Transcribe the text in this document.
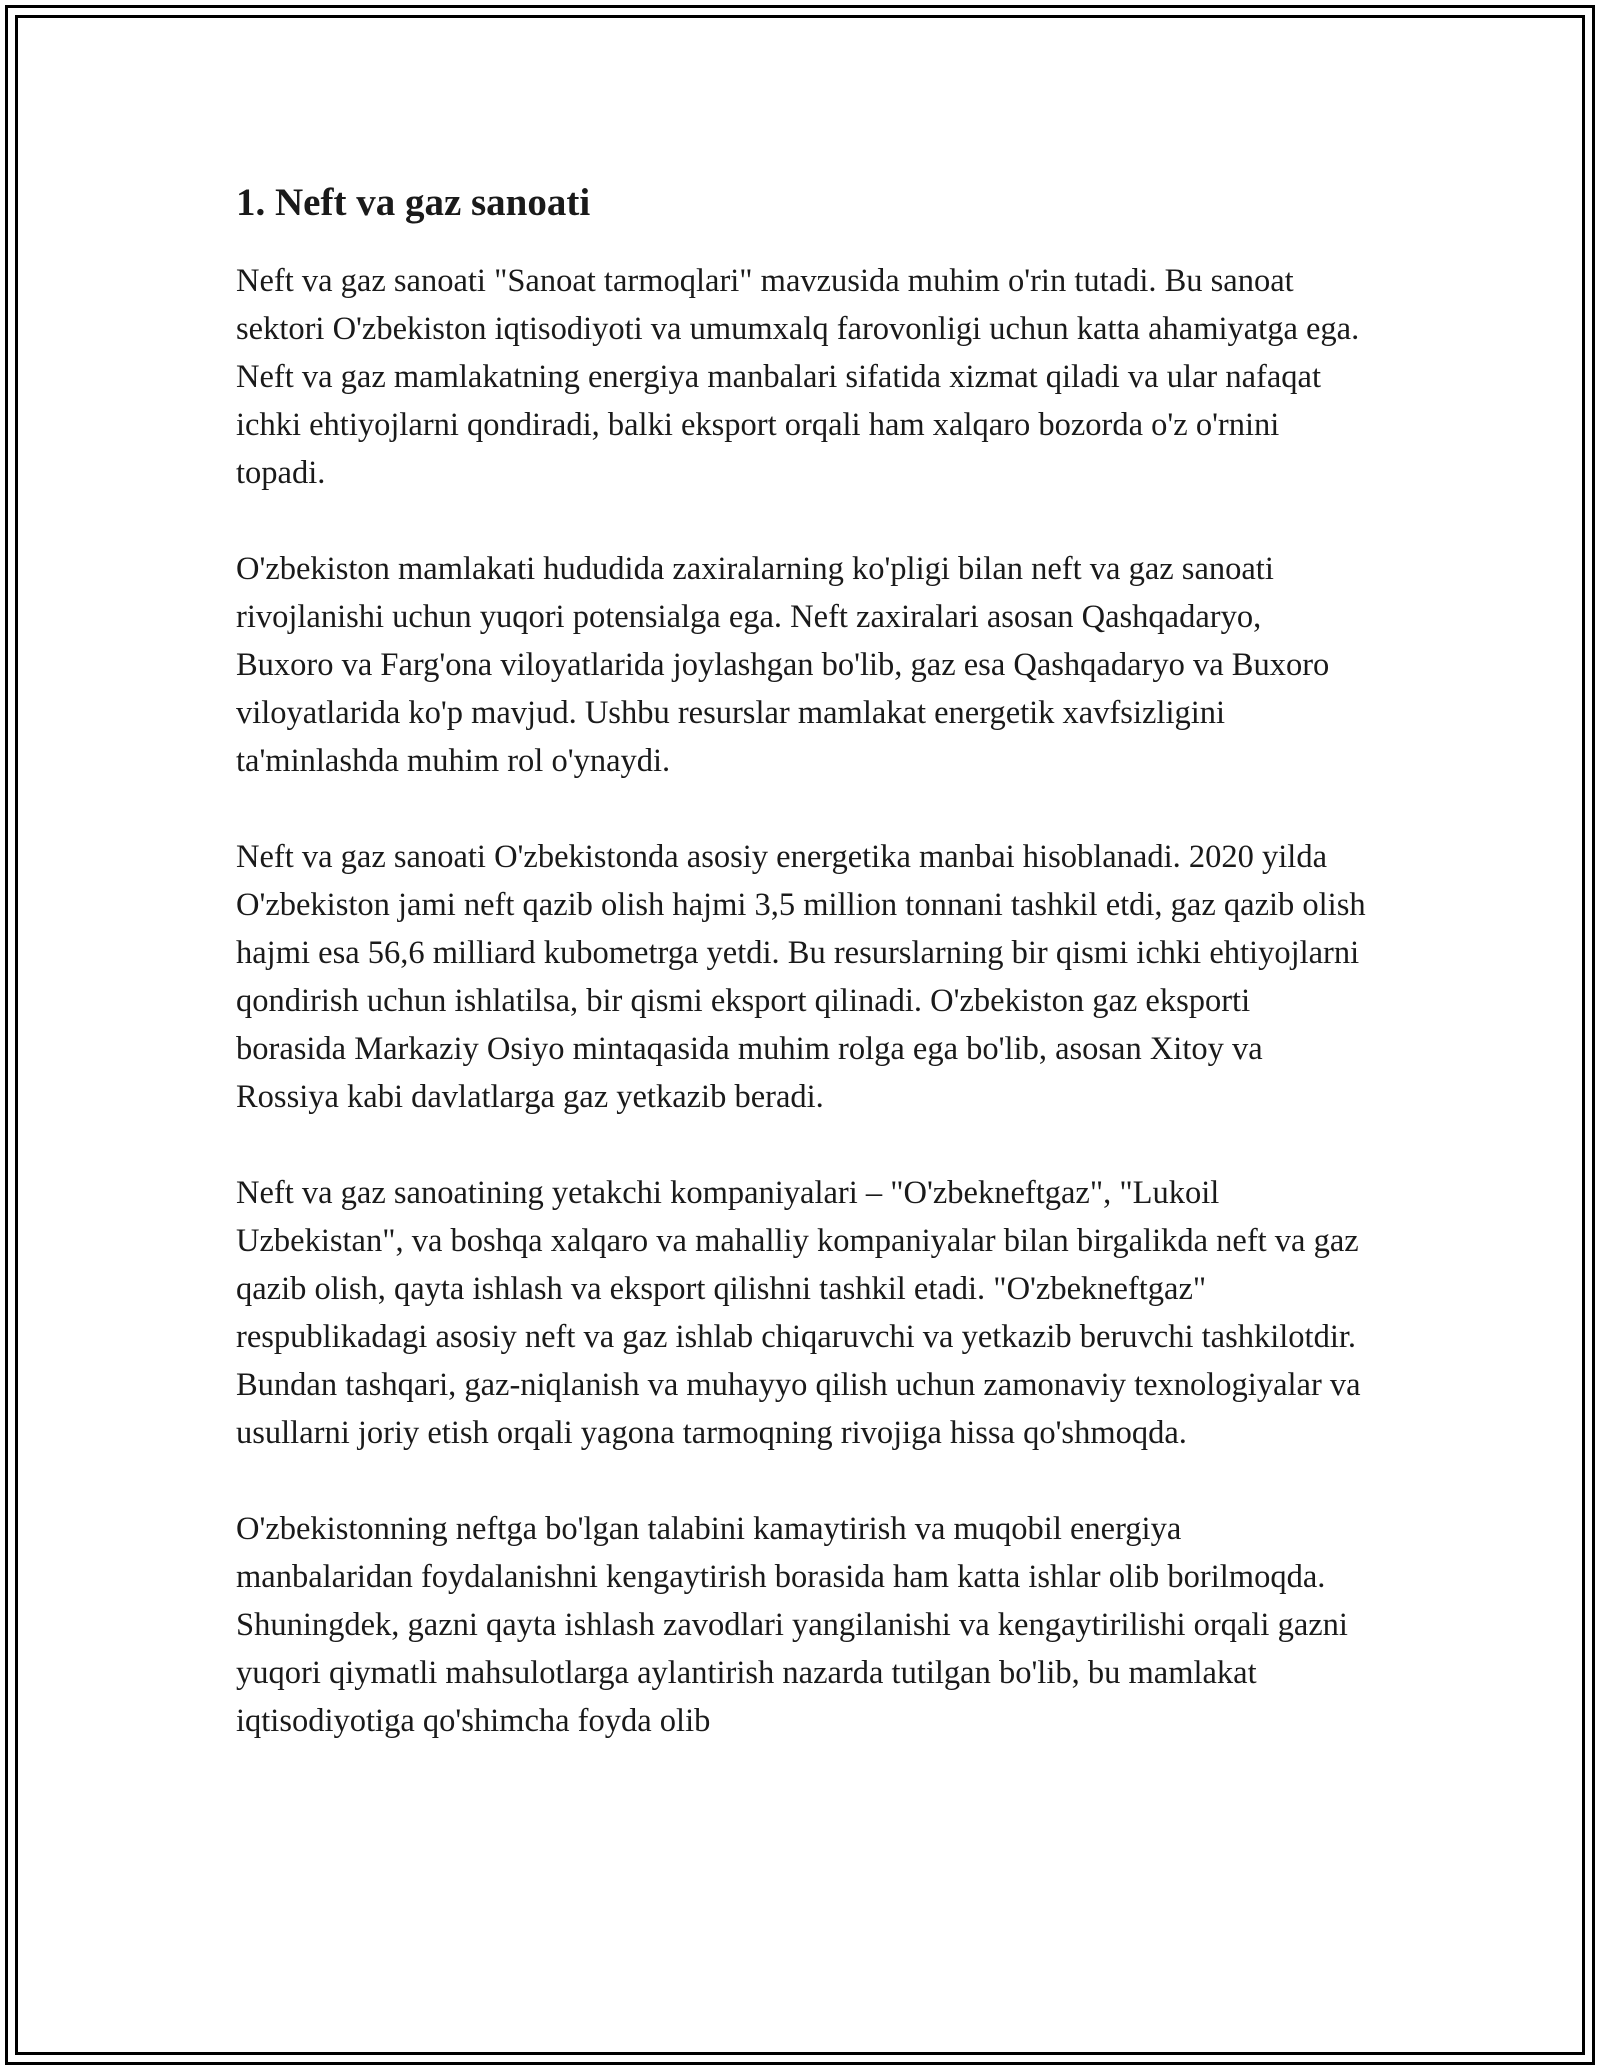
1. Neft va gaz sanoati

Neft va gaz sanoati "Sanoat tarmoqlari" mavzusida muhim o'rin tutadi. Bu sanoat sektori O'zbekiston iqtisodiyoti va umumxalq farovonligi uchun katta ahamiyatga ega. Neft va gaz mamlakatning energiya manbalari sifatida xizmat qiladi va ular nafaqat ichki ehtiyojlarni qondiradi, balki eksport orqali ham xalqaro bozorda o'z o'rnini topadi.

O'zbekiston mamlakati hududida zaxiralarning ko'pligi bilan neft va gaz sanoati rivojlanishi uchun yuqori potensialga ega. Neft zaxiralari asosan Qashqadaryo, Buxoro va Farg'ona viloyatlarida joylashgan bo'lib, gaz esa Qashqadaryo va Buxoro viloyatlarida ko'p mavjud. Ushbu resurslar mamlakat energetik xavfsizligini ta'minlashda muhim rol o'ynaydi.

Neft va gaz sanoati O'zbekistonda asosiy energetika manbai hisoblanadi. 2020 yilda O'zbekiston jami neft qazib olish hajmi 3,5 million tonnani tashkil etdi, gaz qazib olish hajmi esa 56,6 milliard kubometrga yetdi. Bu resurslarning bir qismi ichki ehtiyojlarni qondirish uchun ishlatilsa, bir qismi eksport qilinadi. O'zbekiston gaz eksporti borasida Markaziy Osiyo mintaqasida muhim rolga ega bo'lib, asosan Xitoy va Rossiya kabi davlatlarga gaz yetkazib beradi.

Neft va gaz sanoatining yetakchi kompaniyalari – "O'zbekneftgaz", "Lukoil Uzbekistan", va boshqa xalqaro va mahalliy kompaniyalar bilan birgalikda neft va gaz qazib olish, qayta ishlash va eksport qilishni tashkil etadi. "O'zbekneftgaz" respublikadagi asosiy neft va gaz ishlab chiqaruvchi va yetkazib beruvchi tashkilotdir. Bundan tashqari, gaz-niqlanish va muhayyo qilish uchun zamonaviy texnologiyalar va usullarni joriy etish orqali yagona tarmoqning rivojiga hissa qo'shmoqda.

O'zbekistonning neftga bo'lgan talabini kamaytirish va muqobil energiya manbalaridan foydalanishni kengaytirish borasida ham katta ishlar olib borilmoqda. Shuningdek, gazni qayta ishlash zavodlari yangilanishi va kengaytirilishi orqali gazni yuqori qiymatli mahsulotlarga aylantirish nazarda tutilgan bo'lib, bu mamlakat iqtisodiyotiga qo'shimcha foyda olib
